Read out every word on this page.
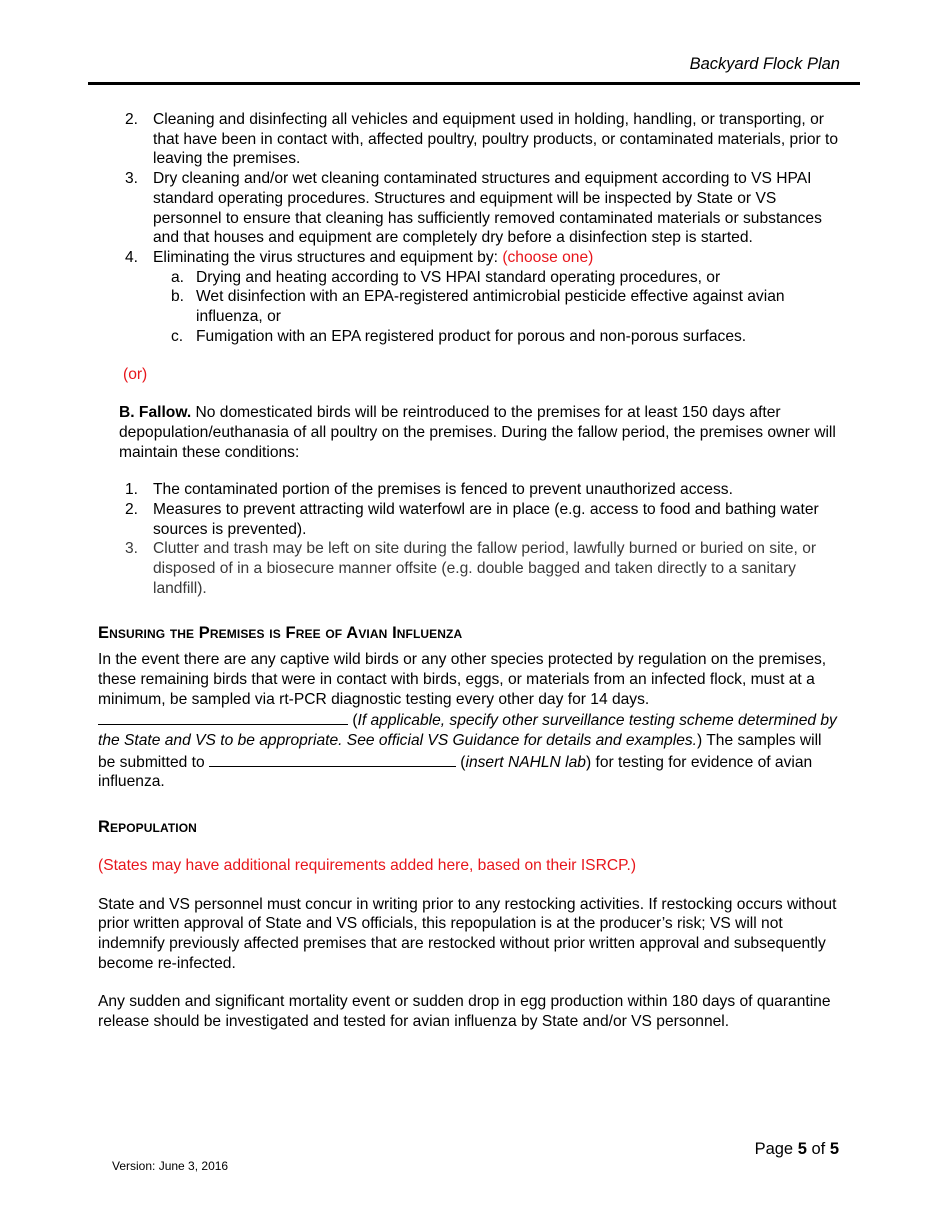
Backyard Flock Plan
2. Cleaning and disinfecting all vehicles and equipment used in holding, handling, or transporting, or that have been in contact with, affected poultry, poultry products, or contaminated materials, prior to leaving the premises.
3. Dry cleaning and/or wet cleaning contaminated structures and equipment according to VS HPAI standard operating procedures. Structures and equipment will be inspected by State or VS personnel to ensure that cleaning has sufficiently removed contaminated materials or substances and that houses and equipment are completely dry before a disinfection step is started.
4. Eliminating the virus structures and equipment by: (choose one)
a. Drying and heating according to VS HPAI standard operating procedures, or
b. Wet disinfection with an EPA-registered antimicrobial pesticide effective against avian influenza, or
c. Fumigation with an EPA registered product for porous and non-porous surfaces.
(or)

B. Fallow. No domesticated birds will be reintroduced to the premises for at least 150 days after depopulation/euthanasia of all poultry on the premises. During the fallow period, the premises owner will maintain these conditions:

1. The contaminated portion of the premises is fenced to prevent unauthorized access.
2. Measures to prevent attracting wild waterfowl are in place (e.g. access to food and bathing water sources is prevented).
3. Clutter and trash may be left on site during the fallow period, lawfully burned or buried on site, or disposed of in a biosecure manner offsite (e.g. double bagged and taken directly to a sanitary landfill).
Ensuring the Premises is Free of Avian Influenza

In the event there are any captive wild birds or any other species protected by regulation on the premises, these remaining birds that were in contact with birds, eggs, or materials from an infected flock, must at a minimum, be sampled via rt-PCR diagnostic testing every other day for 14 days.  (If applicable, specify other surveillance testing scheme determined by the State and VS to be appropriate. See official VS Guidance for details and examples.) The samples will be submitted to	(insert NAHLN lab) for testing for evidence of avian influenza.

Repopulation

(States may have additional requirements added here, based on their ISRCP.)

State and VS personnel must concur in writing prior to any restocking activities. If restocking occurs without prior written approval of State and VS officials, this repopulation is at the producer’s risk; VS will not indemnify previously affected premises that are restocked without prior written approval and subsequently become re-infected.

Any sudden and significant mortality event or sudden drop in egg production within 180 days of quarantine release should be investigated and tested for avian influenza by State and/or VS personnel.

Page 5 of 5
Version: June 3, 2016
